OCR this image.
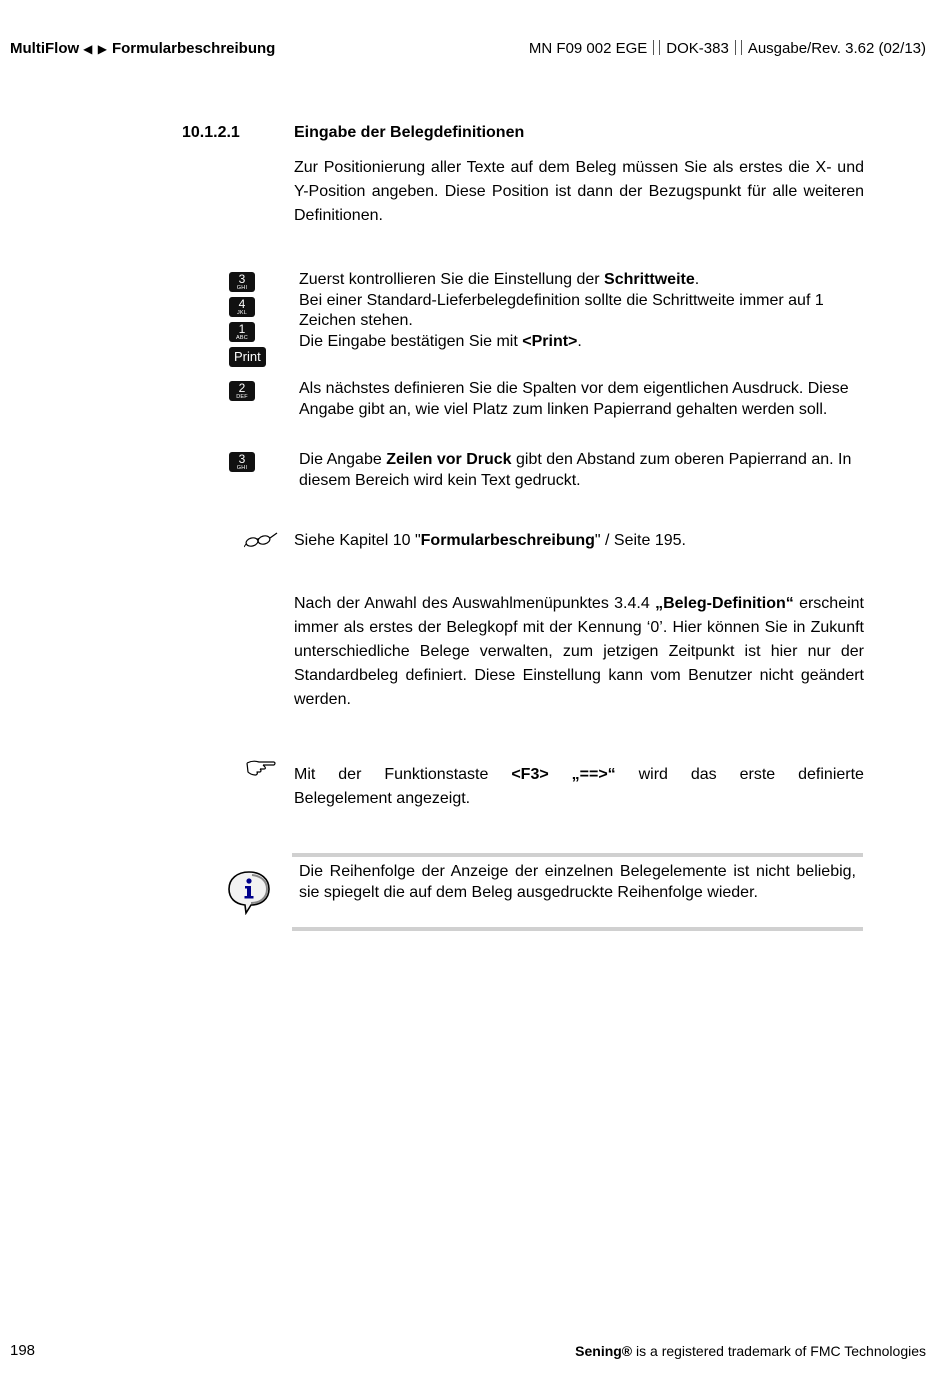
MultiFlow ◀ ▶ Formularbeschreibung	MN F09 002 EGE DOK-383 Ausgabe/Rev. 3.62 (02/13)
10.1.2.1	Eingabe der Belegdefinitionen
Zur Positionierung aller Texte auf dem Beleg müssen Sie als erstes die X- und Y-Position angeben. Diese Position ist dann der Bezugspunkt für alle weiteren Definitionen.
3
GHI
4
JKL
1
ABC
Print
2
DEF
3
GHI
Zuerst kontrollieren Sie die Einstellung der Schrittweite.
Bei einer Standard-Lieferbelegdefinition sollte die Schrittweite immer auf 1 Zeichen stehen.
Die Eingabe bestätigen Sie mit <Print>.
Als nächstes definieren Sie die Spalten vor dem eigentlichen Ausdruck. Diese Angabe gibt an, wie viel Platz zum linken Papierrand gehalten werden soll.
Die Angabe Zeilen vor Druck gibt den Abstand zum oberen Papierrand an. In diesem Bereich wird kein Text gedruckt.
Siehe Kapitel 10 "Formularbeschreibung" / Seite 195.
Nach der Anwahl des Auswahlmenüpunktes 3.4.4 „Beleg-Definition“ erscheint immer als erstes der Belegkopf mit der Kennung ‘0’. Hier können Sie in Zukunft unterschiedliche Belege verwalten, zum jetzigen Zeitpunkt ist hier nur der Standardbeleg definiert. Diese Einstellung kann vom Benutzer nicht geändert werden.
Mit der Funktionstaste <F3> „==>“ wird das erste definierte
Belegelement angezeigt.
Die Reihenfolge der Anzeige der einzelnen Belegelemente ist nicht beliebig, sie spiegelt die auf dem Beleg ausgedruckte Reihenfolge wieder.
198	Sening® is a registered trademark of FMC Technologies
